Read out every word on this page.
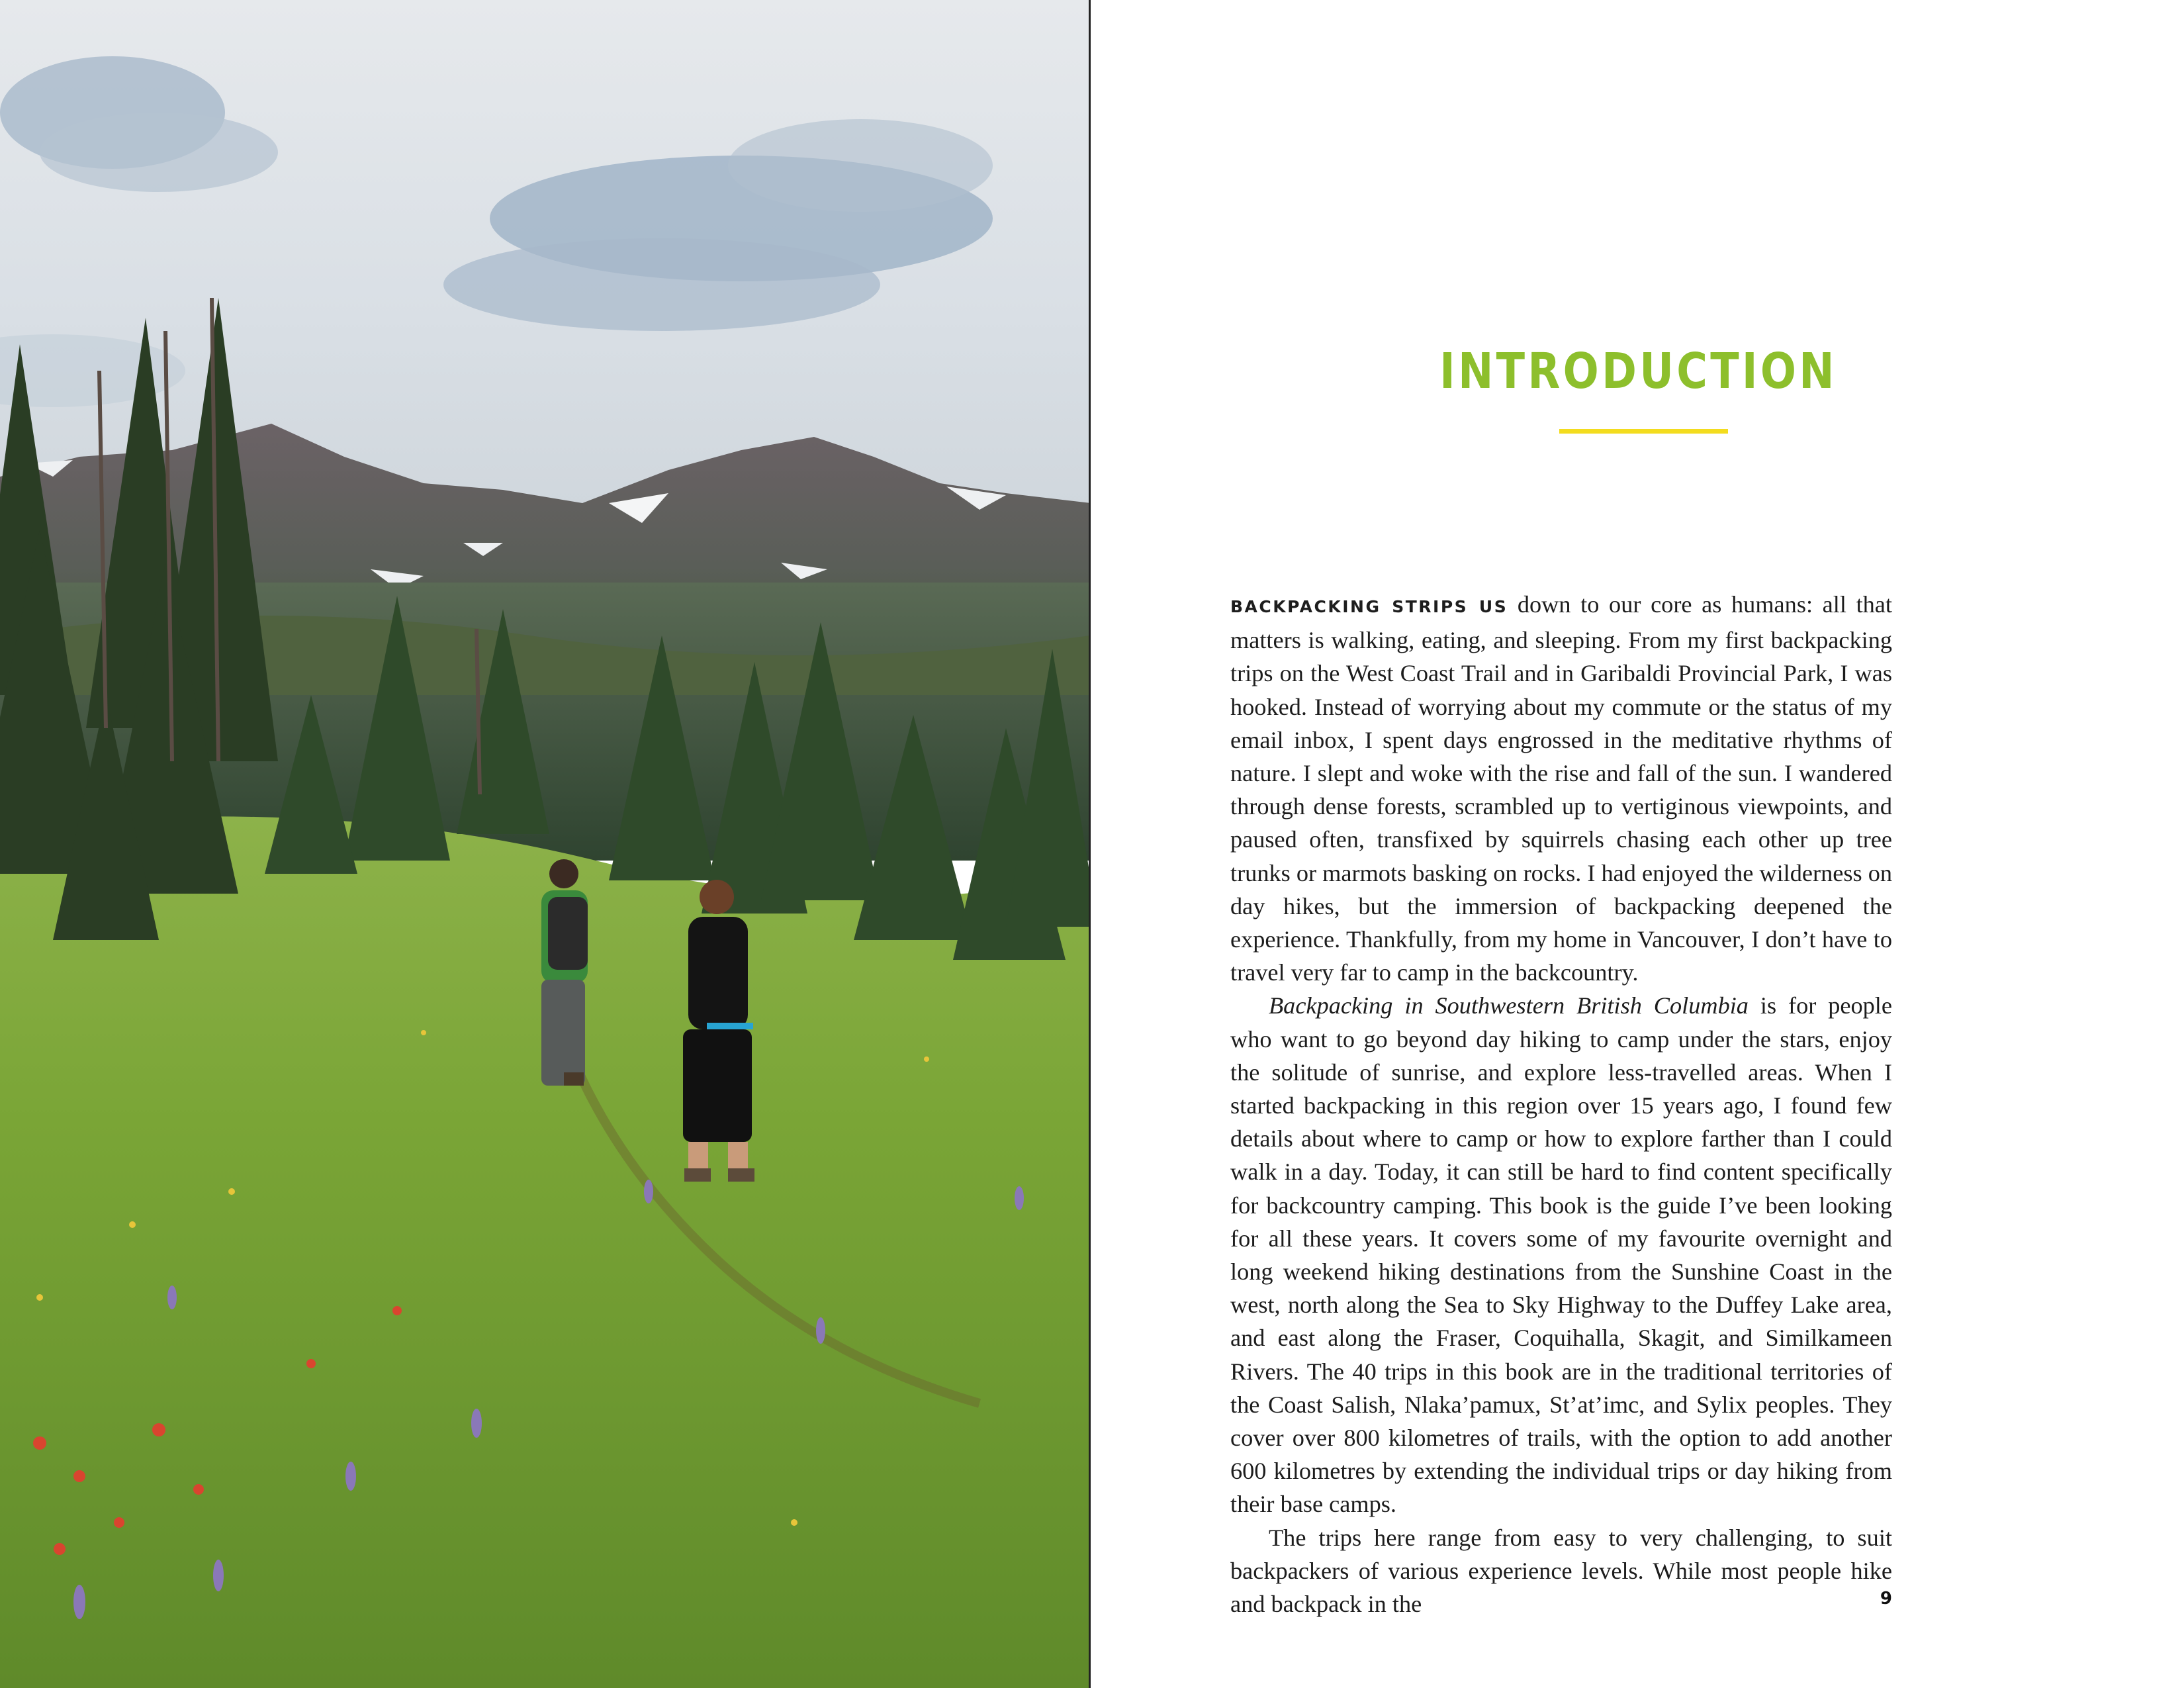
INTRODUCTION

BACKPACKING STRIPS US down to our core as humans: all that matters is walking, eating, and sleeping. From my first backpacking trips on the West Coast Trail and in Garibaldi Provincial Park, I was hooked. Instead of worrying about my commute or the status of my email inbox, I spent days engrossed in the meditative rhythms of nature. I slept and woke with the rise and fall of the sun. I wandered through dense forests, scrambled up to vertiginous viewpoints, and paused often, transfixed by squirrels chasing each other up tree trunks or marmots basking on rocks. I had enjoyed the wilderness on day hikes, but the immersion of backpacking deepened the experience. Thankfully, from my home in Vancouver, I don’t have to travel very far to camp in the backcountry.

Backpacking in Southwestern British Columbia is for people who want to go beyond day hiking to camp under the stars, enjoy the solitude of sunrise, and explore less-travelled areas. When I started backpacking in this region over 15 years ago, I found few details about where to camp or how to explore farther than I could walk in a day. Today, it can still be hard to find content specifically for backcountry camping. This book is the guide I’ve been looking for all these years. It covers some of my favourite overnight and long weekend hiking destinations from the Sunshine Coast in the west, north along the Sea to Sky Highway to the Duffey Lake area, and east along the Fraser, Coquihalla, Skagit, and Similkameen Rivers. The 40 trips in this book are in the traditional territories of the Coast Salish, Nlaka’pamux, St’at’imc, and Sylix peoples. They cover over 800 kilometres of trails, with the option to add another 600 kilometres by extending the individual trips or day hiking from their base camps.

The trips here range from easy to very challenging, to suit backpackers of various experience levels. While most people hike and backpack in the	9
